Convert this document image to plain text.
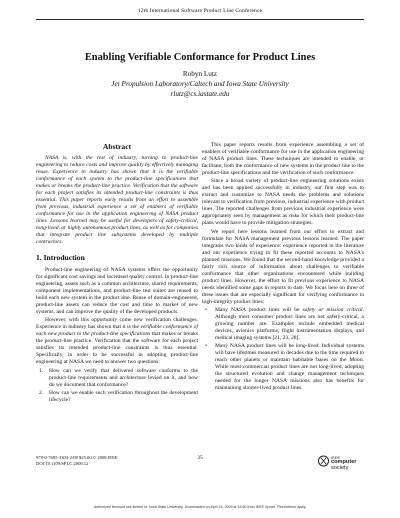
12th International Software Product Line Conference
Enabling Verifiable Conformance for Product Lines
Robyn Lutz
Jet Propulsion Laboratory/Caltech and Iowa State University
rlutz@cs.iastate.edu
Abstract

NASA is, with the rest of industry, turning to product-line engineering to reduce costs and improve quality by effectively managing reuse. Experience in industry has shown that it is the verifiable conformance of each system to the product-line specifications that makes or breaks the product-line practice. Verification that the software for each project satisfies its intended product-line constraints is thus essential. This paper reports early results from an effort to assemble from previous, industrial experience a set of enablers of verifiable conformance for use in the application engineering of NASA product lines. Lessons learned may be useful for developers of safety-critical, long-lived, or highly autonomous product lines, as well as for companies that integrate product line subsystems developed by multiple contractors.

1. Introduction

Product-line engineering of NASA systems offers the opportunity for significant cost savings and increased quality control. In product-line engineering, assets such as a common architecture, shared requirements, component implementations, and product-line test suites are reused to build each new system in the product line. Reuse of domain-engineered, product-line assets can reduce the cost and time to market of new systems, and can improve the quality of the developed products.

However, with this opportunity come new verification challenges. Experience in industry has shown that it is the verifiable conformance of each new product to the product-line specifications that makes or breaks the product-line practice. Verification that the software for each project satisfies its intended product-line constraints is thus essential. Specifically, in order to be successful in adopting product-line engineering at NASA we need to answer two questions:

1. How can we verify that delivered software conforms to the product-line requirements and architecture levied on it, and how do we document that conformance?
2. How can we enable such verification throughout the development lifecycle?

This paper reports results from experience assembling a set of enablers of verifiable conformance for use in the application engineering of NASA product lines. These techniques are intended to enable, or facilitate, both the conformance of new systems in the product line to the product-line specifications and the verification of such conformance.

Since a broad variety of product-line engineering solutions exists and has been applied successfully in industry, our first step was to extract and customize to NASA needs the problems and solutions relevant to verification from previous, industrial experience with product lines. The reported challenges from previous industrial experience were appropriately seen by management as risks for which their product-line plans would have to provide mitigation strategies.

We report here lessons learned from our effort to extract and formulate for NASA management previous lessons learned. The paper integrates two kinds of experience: experience reported in the literature and our experience trying to fit these reported accounts to NASA's planned missions. We found that the second-hand knowledge provided a fairly rich source of information about challenges to verifiable conformance that other organizations encountered while building product lines. However, the effort to fit previous experience to NASA needs identified some gaps in reports to date. We focus here on three of these issues that are especially significant for verifying conformance in high-integrity product lines:

• Many NASA product lines will be safety or mission critical. Although most consumer product lines are not safety-critical, a growing number are. Examples include embedded medical devices, avionics platforms, flight instrumentation displays, and medical imaging systems [21, 23, 28].
• Many NASA product lines will be long-lived. Individual systems will have lifetimes measured in decades due to the time required to reach other planets or maintain habitable bases on the Moon. While most commercial product lines are not long-lived, adopting the structured evolution and change management techniques needed for the longer NASA missions also has benefits for maintaining shorter-lived product lines.
978-0-7695-3303-2/08 $25.00 © 2008 IEEE
DOI 10.1109/SPLC.2008.12
35	IEEE
computer
society
Authorized licensed use limited to: Iowa State University. Downloaded on April 16, 2009 at 15:50 from IEEE Xplore. Restrictions apply.
